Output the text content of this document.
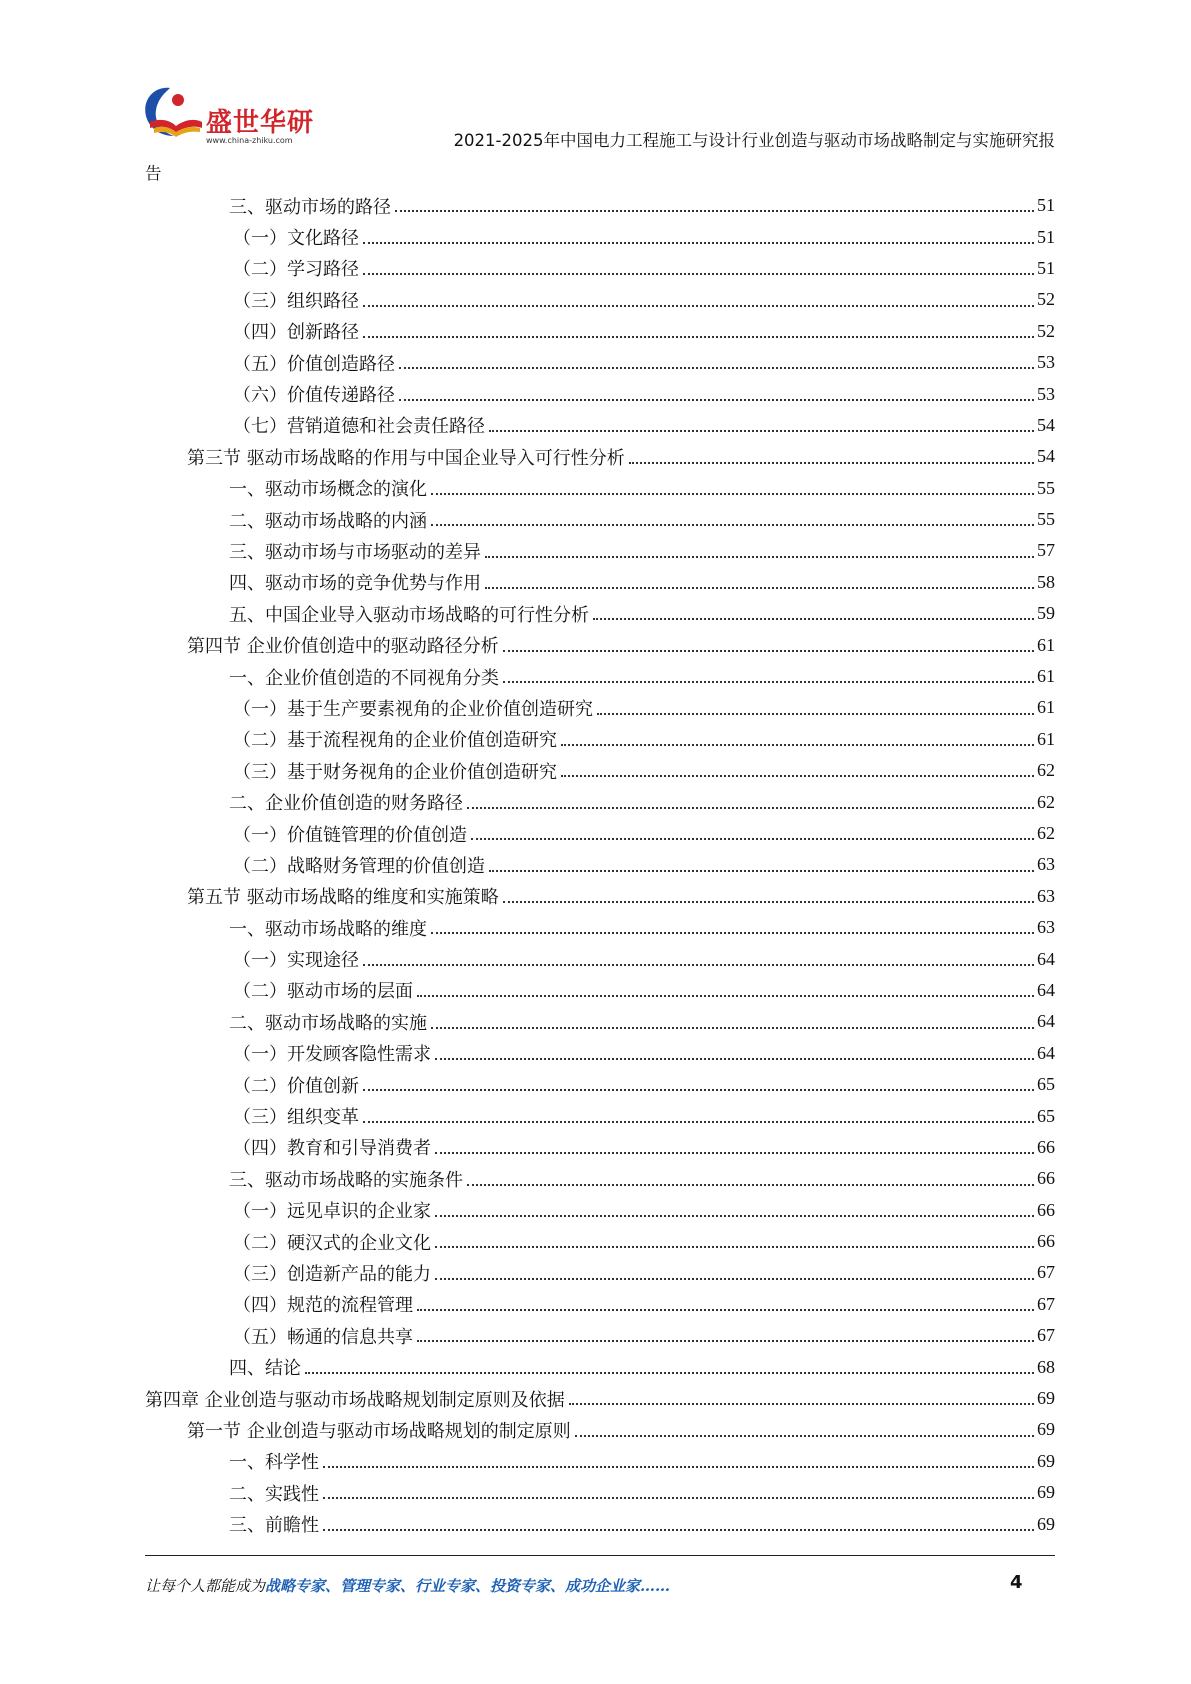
盛世华研
www.china-zhiku.com	2021-2025年中国电力工程施工与设计行业创造与驱动市场战略制定与实施研究报
告
三、驱动市场的路径	51
（一）文化路径	51
（二）学习路径	51
（三）组织路径	52
（四）创新路径	52
（五）价值创造路径	53
（六）价值传递路径	53
（七）营销道德和社会责任路径	54
第三节 驱动市场战略的作用与中国企业导入可行性分析	54
一、驱动市场概念的演化	55
二、驱动市场战略的内涵	55
三、驱动市场与市场驱动的差异	57
四、驱动市场的竞争优势与作用	58
五、中国企业导入驱动市场战略的可行性分析	59
第四节 企业价值创造中的驱动路径分析	61
一、企业价值创造的不同视角分类	61
（一）基于生产要素视角的企业价值创造研究	61
（二）基于流程视角的企业价值创造研究	61
（三）基于财务视角的企业价值创造研究	62
二、企业价值创造的财务路径	62
（一）价值链管理的价值创造	62
（二）战略财务管理的价值创造	63
第五节 驱动市场战略的维度和实施策略	63
一、驱动市场战略的维度	63
（一）实现途径	64
（二）驱动市场的层面	64
二、驱动市场战略的实施	64
（一）开发顾客隐性需求	64
（二）价值创新	65
（三）组织变革	65
（四）教育和引导消费者	66
三、驱动市场战略的实施条件	66
（一）远见卓识的企业家	66
（二）硬汉式的企业文化	66
（三）创造新产品的能力	67
（四）规范的流程管理	67
（五）畅通的信息共享	67
四、结论	68
第四章 企业创造与驱动市场战略规划制定原则及依据	69
第一节 企业创造与驱动市场战略规划的制定原则	69
一、科学性	69
二、实践性	69
三、前瞻性	69
让每个人都能成为战略专家、管理专家、行业专家、投资专家、成功企业家……	4
